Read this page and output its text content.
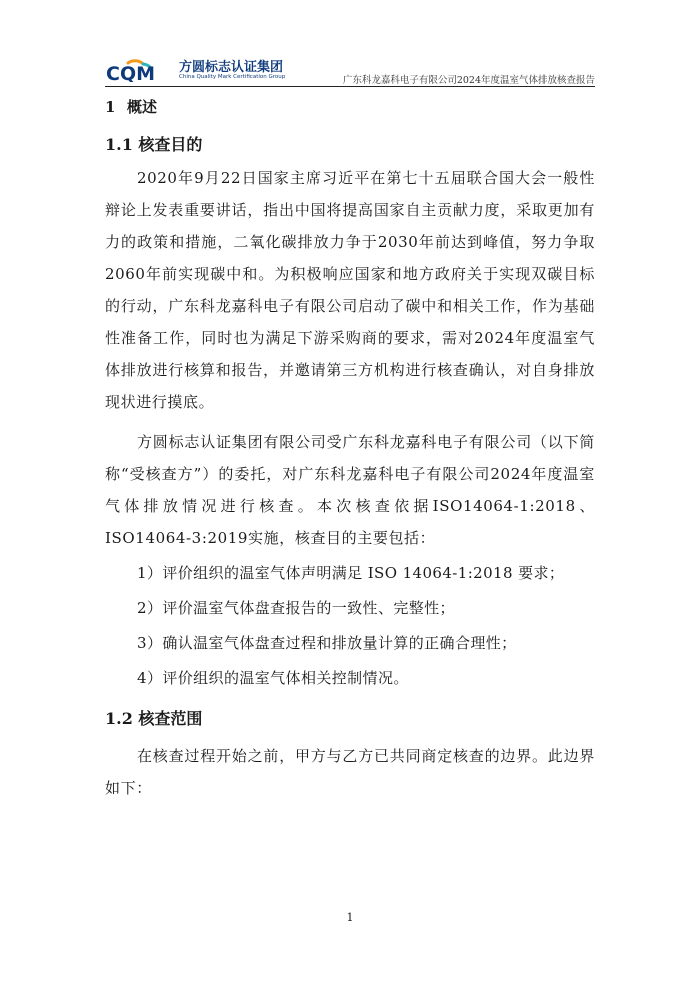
CQM 方圆标志认证集团
China Quality Mark Certification Group	广东科龙嘉科电子有限公司2024年度温室气体排放核查报告
1 概述
1.1 核查目的

2020年9月22日国家主席习近平在第七十五届联合国大会一般性辩论上发表重要讲话，指出中国将提高国家自主贡献力度，采取更加有力的政策和措施，二氧化碳排放力争于2030年前达到峰值，努力争取2060年前实现碳中和。为积极响应国家和地方政府关于实现双碳目标的行动，广东科龙嘉科电子有限公司启动了碳中和相关工作，作为基础性准备工作，同时也为满足下游采购商的要求，需对2024年度温室气体排放进行核算和报告，并邀请第三方机构进行核查确认，对自身排放现状进行摸底。

方圆标志认证集团有限公司受广东科龙嘉科电子有限公司（以下简称“受核查方”）的委托，对广东科龙嘉科电子有限公司2024年度温室气体排放情况进行核查。本次核查依据ISO14064-1:2018、ISO14064-3:2019实施，核查目的主要包括：

1）评价组织的温室气体声明满足 ISO 14064-1:2018 要求；
2）评价温室气体盘查报告的一致性、完整性；
3）确认温室气体盘查过程和排放量计算的正确合理性；
4）评价组织的温室气体相关控制情况。
1.2 核查范围

在核查过程开始之前，甲方与乙方已共同商定核查的边界。此边界如下：

1
